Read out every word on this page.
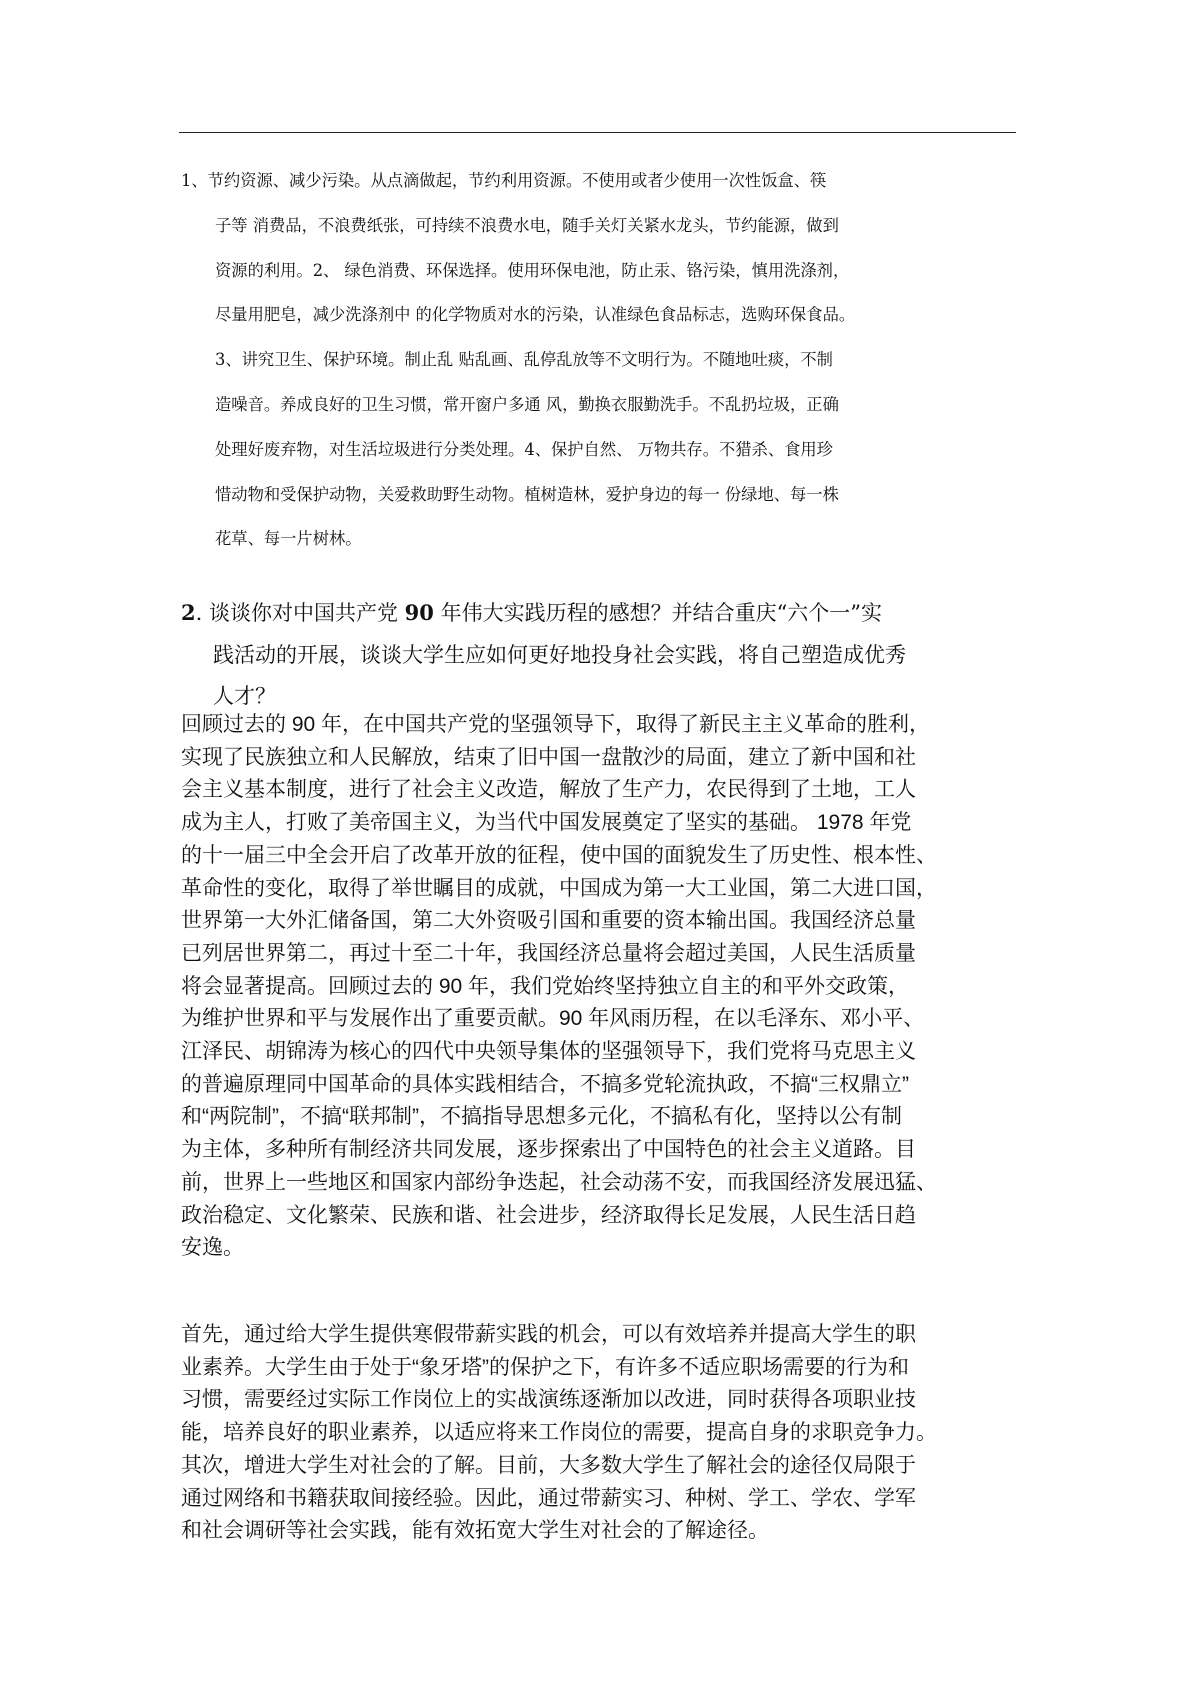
1、节约资源、减少污染。从点滴做起，节约利用资源。不使用或者少使用一次性饭盒、筷
子等 消费品，不浪费纸张，可持续不浪费水电，随手关灯关紧水龙头，节约能源，做到
资源的利用。2、 绿色消费、环保选择。使用环保电池，防止汞、铬污染，慎用洗涤剂，
尽量用肥皂，减少洗涤剂中 的化学物质对水的污染，认准绿色食品标志，选购环保食品。
3、讲究卫生、保护环境。制止乱 贴乱画、乱停乱放等不文明行为。不随地吐痰，不制
造噪音。养成良好的卫生习惯，常开窗户多通 风，勤换衣服勤洗手。不乱扔垃圾，正确
处理好废弃物，对生活垃圾进行分类处理。4、保护自然、 万物共存。不猎杀、食用珍
惜动物和受保护动物，关爱救助野生动物。植树造林，爱护身边的每一 份绿地、每一株
花草、每一片树林。
2. 谈谈你对中国共产党 90 年伟大实践历程的感想？并结合重庆“六个一”实
践活动的开展，谈谈大学生应如何更好地投身社会实践，将自己塑造成优秀
人才？
回顾过去的 90 年，在中国共产党的坚强领导下，取得了新民主主义革命的胜利，
实现了民族独立和人民解放，结束了旧中国一盘散沙的局面，建立了新中国和社
会主义基本制度，进行了社会主义改造，解放了生产力，农民得到了土地，工人
成为主人，打败了美帝国主义，为当代中国发展奠定了坚实的基础。 1978 年党
的十一届三中全会开启了改革开放的征程，使中国的面貌发生了历史性、根本性、
革命性的变化，取得了举世瞩目的成就，中国成为第一大工业国，第二大进口国，
世界第一大外汇储备国，第二大外资吸引国和重要的资本输出国。我国经济总量
已列居世界第二，再过十至二十年，我国经济总量将会超过美国，人民生活质量
将会显著提高。回顾过去的 90 年，我们党始终坚持独立自主的和平外交政策，
为维护世界和平与发展作出了重要贡献。90 年风雨历程，在以毛泽东、邓小平、
江泽民、胡锦涛为核心的四代中央领导集体的坚强领导下，我们党将马克思主义
的普遍原理同中国革命的具体实践相结合，不搞多党轮流执政，不搞“三权鼎立”
和“两院制”，不搞“联邦制”，不搞指导思想多元化，不搞私有化，坚持以公有制
为主体，多种所有制经济共同发展，逐步探索出了中国特色的社会主义道路。目
前，世界上一些地区和国家内部纷争迭起，社会动荡不安，而我国经济发展迅猛、
政治稳定、文化繁荣、民族和谐、社会进步，经济取得长足发展，人民生活日趋
安逸。
首先，通过给大学生提供寒假带薪实践的机会，可以有效培养并提高大学生的职
业素养。大学生由于处于“象牙塔”的保护之下，有许多不适应职场需要的行为和
习惯，需要经过实际工作岗位上的实战演练逐渐加以改进，同时获得各项职业技
能，培养良好的职业素养，以适应将来工作岗位的需要，提高自身的求职竞争力。
其次，增进大学生对社会的了解。目前，大多数大学生了解社会的途径仅局限于
通过网络和书籍获取间接经验。因此，通过带薪实习、种树、学工、学农、学军
和社会调研等社会实践，能有效拓宽大学生对社会的了解途径。
